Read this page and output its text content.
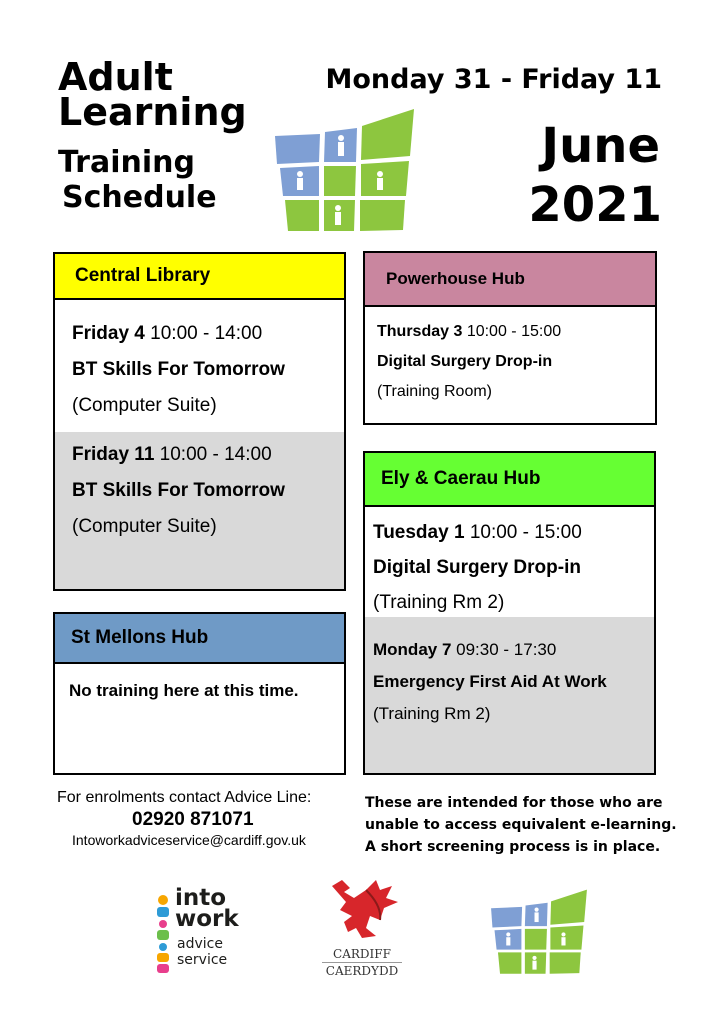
Adult
Learning
Training
Schedule
Monday 31 - Friday 11
June
2021
Central Library
Friday 4 10:00 - 14:00
BT Skills For Tomorrow
(Computer Suite)
Friday 11 10:00 - 14:00
BT Skills For Tomorrow
(Computer Suite)
Powerhouse Hub
Thursday 3 10:00 - 15:00
Digital Surgery Drop-in
(Training Room)
Ely & Caerau Hub
Tuesday 1 10:00 - 15:00
Digital Surgery Drop-in
(Training Rm 2)
Monday 7 09:30 - 17:30
Emergency First Aid At Work
(Training Rm 2)
St Mellons Hub
No training here at this time.
For enrolments contact Advice Line:
02920 871071
Intoworkadviceservice@cardiff.gov.uk
These are intended for those who are
unable to access equivalent e-learning.
A short screening process is in place.
into
work
advice
service	CARDIFF
CAERDYDD
